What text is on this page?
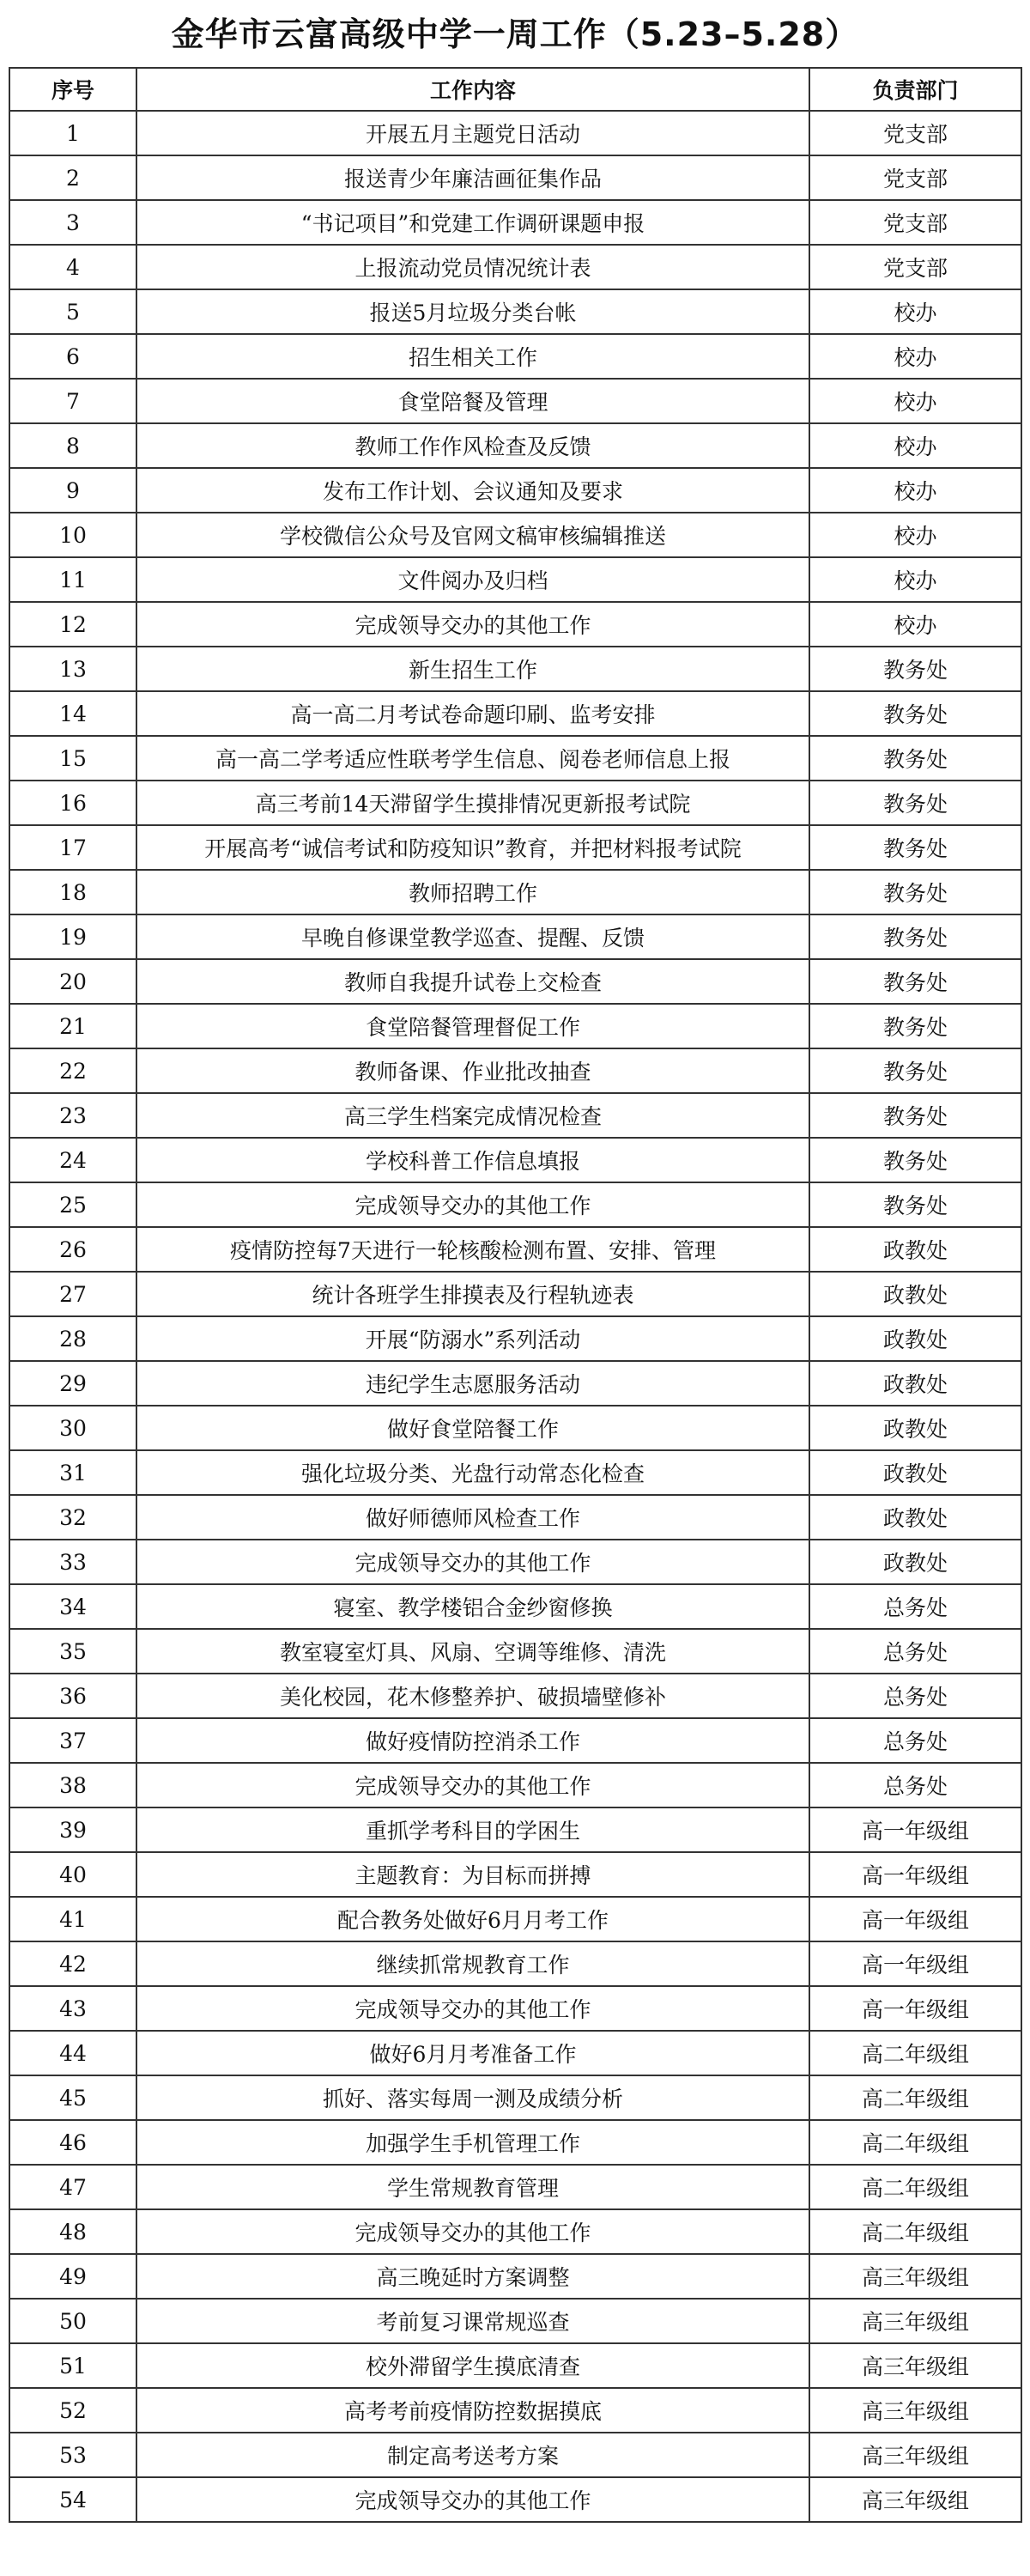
金华市云富高级中学一周工作（5.23–5.28）
序号	工作内容	负责部门
1	开展五月主题党日活动	党支部
2	报送青少年廉洁画征集作品	党支部
3	“书记项目”和党建工作调研课题申报	党支部
4	上报流动党员情况统计表	党支部
5	报送5月垃圾分类台帐	校办
6	招生相关工作	校办
7	食堂陪餐及管理	校办
8	教师工作作风检查及反馈	校办
9	发布工作计划、会议通知及要求	校办
10	学校微信公众号及官网文稿审核编辑推送	校办
11	文件阅办及归档	校办
12	完成领导交办的其他工作	校办
13	新生招生工作	教务处
14	高一高二月考试卷命题印刷、监考安排	教务处
15	高一高二学考适应性联考学生信息、阅卷老师信息上报	教务处
16	高三考前14天滞留学生摸排情况更新报考试院	教务处
17	开展高考“诚信考试和防疫知识”教育，并把材料报考试院	教务处
18	教师招聘工作	教务处
19	早晚自修课堂教学巡查、提醒、反馈	教务处
20	教师自我提升试卷上交检查	教务处
21	食堂陪餐管理督促工作	教务处
22	教师备课、作业批改抽查	教务处
23	高三学生档案完成情况检查	教务处
24	学校科普工作信息填报	教务处
25	完成领导交办的其他工作	教务处
26	疫情防控每7天进行一轮核酸检测布置、安排、管理	政教处
27	统计各班学生排摸表及行程轨迹表	政教处
28	开展“防溺水”系列活动	政教处
29	违纪学生志愿服务活动	政教处
30	做好食堂陪餐工作	政教处
31	强化垃圾分类、光盘行动常态化检查	政教处
32	做好师德师风检查工作	政教处
33	完成领导交办的其他工作	政教处
34	寝室、教学楼铝合金纱窗修换	总务处
35	教室寝室灯具、风扇、空调等维修、清洗	总务处
36	美化校园，花木修整养护、破损墙壁修补	总务处
37	做好疫情防控消杀工作	总务处
38	完成领导交办的其他工作	总务处
39	重抓学考科目的学困生	高一年级组
40	主题教育：为目标而拼搏	高一年级组
41	配合教务处做好6月月考工作	高一年级组
42	继续抓常规教育工作	高一年级组
43	完成领导交办的其他工作	高一年级组
44	做好6月月考准备工作	高二年级组
45	抓好、落实每周一测及成绩分析	高二年级组
46	加强学生手机管理工作	高二年级组
47	学生常规教育管理	高二年级组
48	完成领导交办的其他工作	高二年级组
49	高三晚延时方案调整	高三年级组
50	考前复习课常规巡查	高三年级组
51	校外滞留学生摸底清查	高三年级组
52	高考考前疫情防控数据摸底	高三年级组
53	制定高考送考方案	高三年级组
54	完成领导交办的其他工作	高三年级组
